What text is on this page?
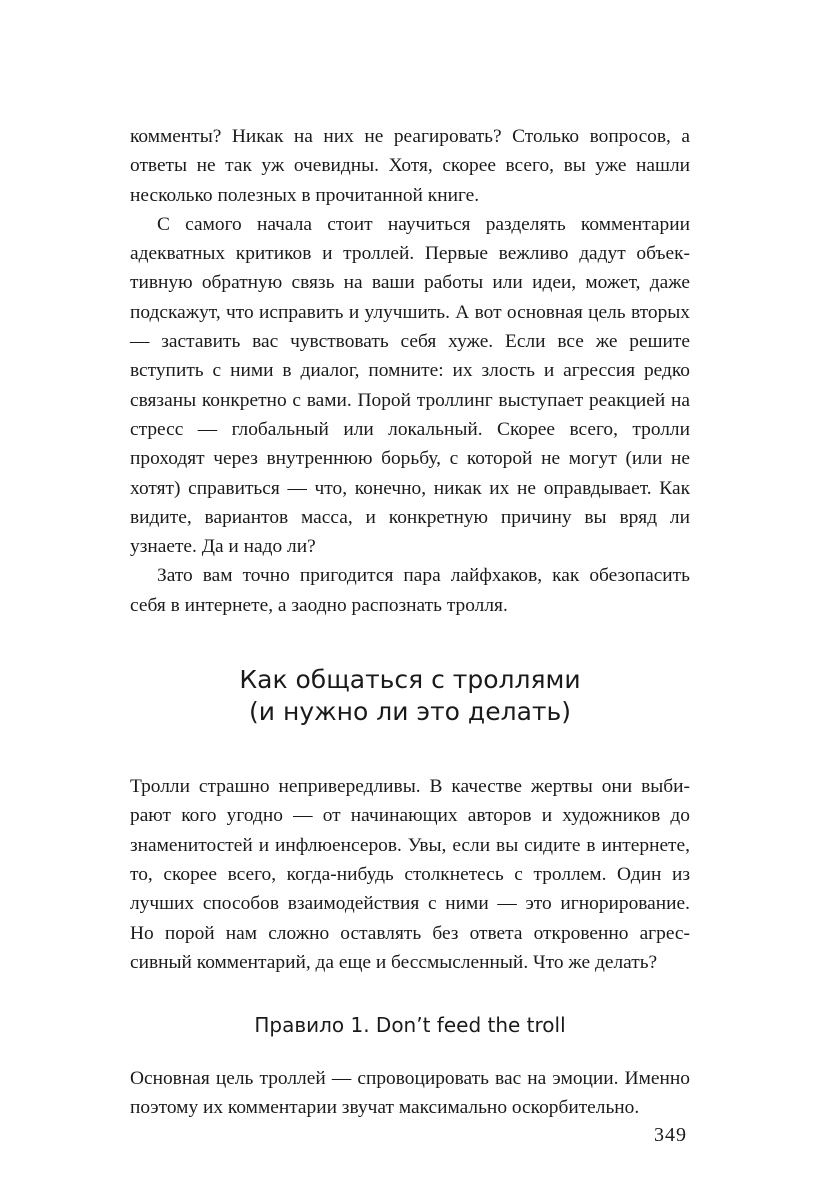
комменты? Никак на них не реагировать? Столько вопросов, а ответы не так уж очевидны. Хотя, скорее всего, вы уже нашли несколько полезных в прочитанной книге.

С самого начала стоит научиться разделять комментарии адекватных критиков и троллей. Первые вежливо дадут объективную обратную связь на ваши работы или идеи, может, даже подскажут, что исправить и улучшить. А вот основная цель вторых — заставить вас чувствовать себя хуже. Если все же решите вступить с ними в диалог, помните: их злость и агрессия редко связаны конкретно с вами. Порой троллинг выступает реакцией на стресс — глобальный или локальный. Скорее всего, тролли проходят через внутреннюю борьбу, с которой не могут (или не хотят) справиться — что, конечно, никак их не оправдывает. Как видите, вариантов масса, и конкретную причину вы вряд ли узнаете. Да и надо ли?

Зато вам точно пригодится пара лайфхаков, как обезопасить себя в интернете, а заодно распознать тролля.

Как общаться с троллями
(и нужно ли это делать)

Тролли страшно непривередливы. В качестве жертвы они выбирают кого угодно — от начинающих авторов и художников до знаменитостей и инфлюенсеров. Увы, если вы сидите в интернете, то, скорее всего, когда-нибудь столкнетесь с троллем. Один из лучших способов взаимодействия с ними — это игнорирование. Но порой нам сложно оставлять без ответа откровенно агрессивный комментарий, да еще и бессмысленный. Что же делать?

Правило 1. Don’t feed the troll

Основная цель троллей — спровоцировать вас на эмоции. Именно поэтому их комментарии звучат максимально оскорбительно.

349
